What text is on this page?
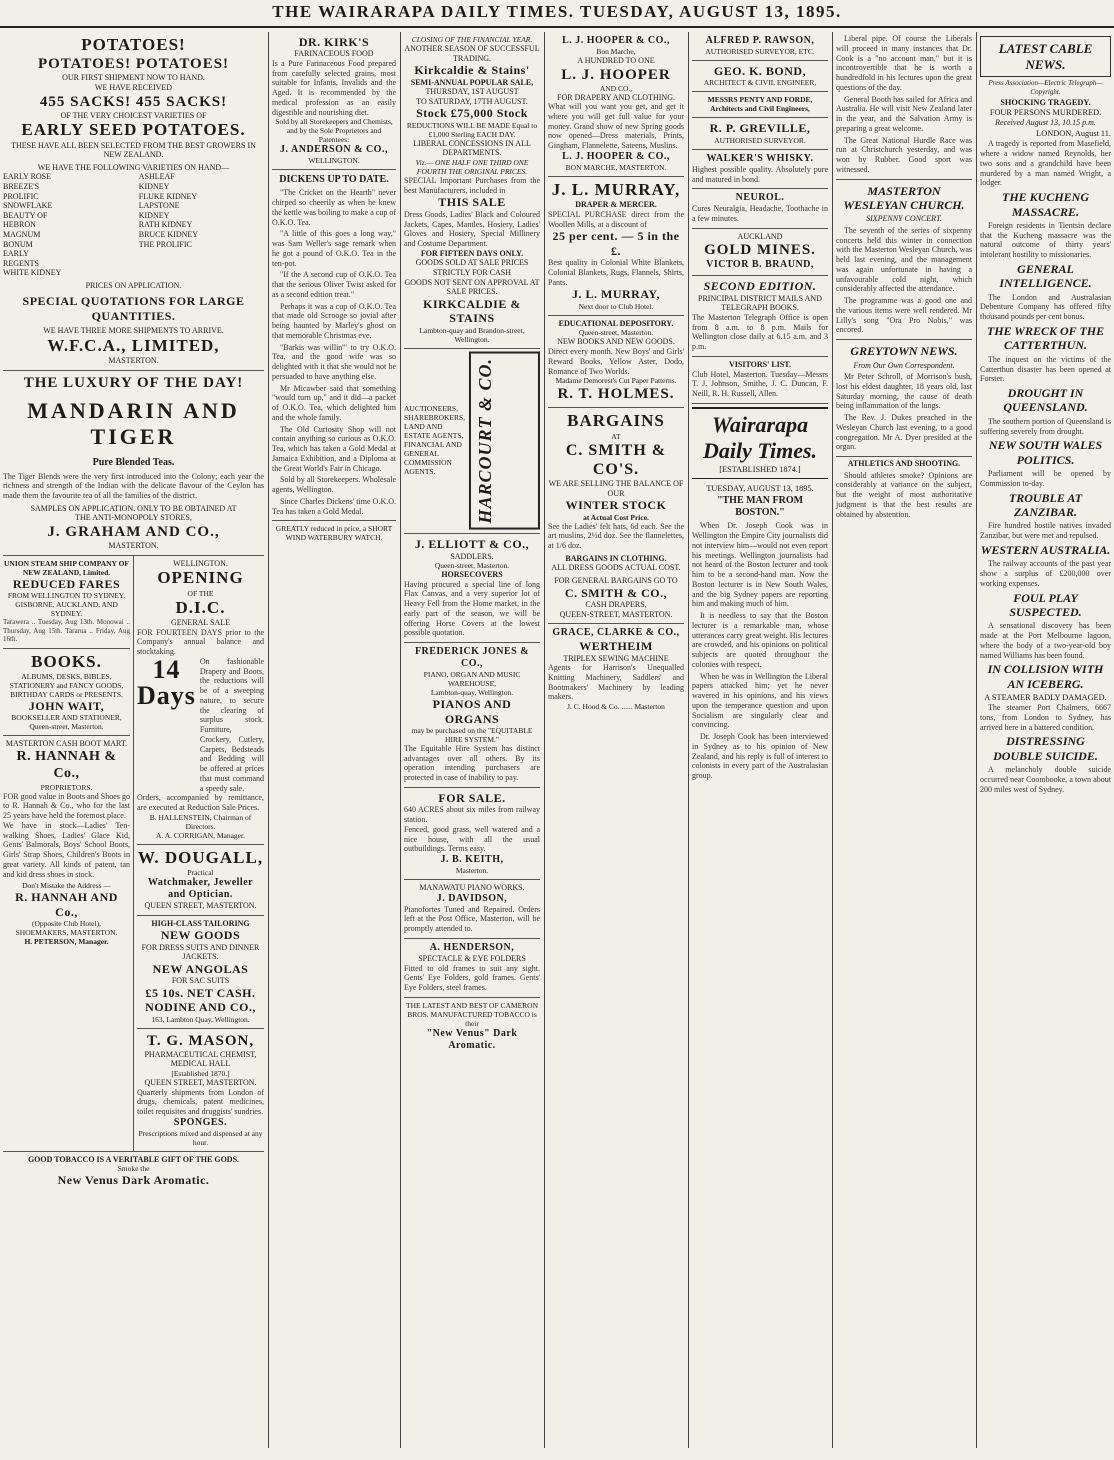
THE WAIRARAPA DAILY TIMES. TUESDAY, AUGUST 13, 1895.
POTATOES!
POTATOES! POTATOES!
OUR FIRST SHIPMENT NOW TO HAND.
WE HAVE RECEIVED
455 SACKS! 455 SACKS!
OF THE VERY CHOICEST VARIETIES OF
EARLY SEED POTATOES.
THESE HAVE ALL BEEN SELECTED FROM THE BEST GROWERS IN NEW ZEALAND.
WE HAVE THE FOLLOWING VARIETIES ON HAND—
EARLY ROSE
BREEZE'S PROLIFIC
SNOWFLAKE
BEAUTY OF HEBRON
MAGNUM BONUM
EARLY REGENTS
WHITE KIDNEY
ASHLEAF KIDNEY
FLUKE KIDNEY
LAPSTONE KIDNEY
RATH KIDNEY
BRUCE KIDNEY
THE PROLIFIC
PRICES ON APPLICATION.
SPECIAL QUOTATIONS FOR LARGE QUANTITIES.
WE HAVE THREE MORE SHIPMENTS TO ARRIVE.
W.F.C.A., LIMITED,
MASTERTON.
THE LUXURY OF THE DAY!
MANDARIN AND TIGER
Pure Blended Teas.
The Tiger Blends were the very first introduced into the Colony; each year the richness and strength of the Indian with the delicate flavour of the Ceylon has made them the favourite tea of all the families of the district.
SAMPLES ON APPLICATION. ONLY TO BE OBTAINED AT
THE ANTI-MONOPOLY STORES,
J. GRAHAM AND CO.,
MASTERTON.
UNION STEAM SHIP COMPANY OF NEW ZEALAND, Limited.
REDUCED FARES
FROM WELLINGTON TO SYDNEY, GISBORNE, AUCKLAND, AND SYDNEY.
Tarawera .. Tuesday, Aug 13th. Monowai .. Thursday, Aug 15th. Tararua .. Friday, Aug 16th.
BOOKS.
ALBUMS, DESKS, BIBLES, STATIONERY and FANCY GOODS, BIRTHDAY CARDS or PRESENTS.
JOHN WAIT,
BOOKSELLER AND STATIONER, Queen-street, Masterton.
MASTERTON CASH BOOT MART.
R. HANNAH & Co.,
PROPRIETORS.
FOR good value in Boots and Shoes go to R. Hannah & Co., who for the last 25 years have held the foremost place.
We have in stock—Ladies' Ten-walking Shoes, Ladies' Glace Kid, Gents' Balmorals, Boys' School Boots, Girls' Strap Shoes, Children's Boots in great variety. All kinds of patent, tan and kid dress shoes in stock.
Don't Mistake the Address —
R. HANNAH AND Co.,
(Opposite Club Hotel),
SHOEMAKERS, MASTERTON.
H. PETERSON, Manager.
WELLINGTON.
OPENING
OF THE
D.I.C.
GENERAL SALE
FOR FOURTEEN DAYS prior to the Company's annual balance and stocktaking.
14 Days
On fashionable Drapery and Boots, the reductions will be of a sweeping nature, to secure the clearing of surplus stock. Furniture, Crockery, Cutlery, Carpets, Bedsteads and Bedding will be offered at prices that must command a speedy sale.
Orders, accompanied by remittance, are executed at Reduction Sale Prices.
B. HALLENSTEIN, Chairman of Directors.
A. A. CORRIGAN, Manager.
W. DOUGALL,
Practical
Watchmaker, Jeweller
and Optician.
QUEEN STREET, MASTERTON.
HIGH-CLASS TAILORING
NEW GOODS
FOR DRESS SUITS AND DINNER JACKETS.
NEW ANGOLAS
FOR SAC SUITS
£5 10s. NET CASH.
NODINE AND CO.,
163, Lambton Quay, Wellington.
T. G. MASON,
PHARMACEUTICAL CHEMIST,
MEDICAL HALL
[Established 1870.]
QUEEN STREET, MASTERTON.
Quarterly shipments from London of drugs, chemicals, patent medicines, toilet requisites and druggists' sundries.
SPONGES.
Prescriptions mixed and dispensed at any hour.
GOOD TOBACCO IS A VERITABLE GIFT OF THE GODS.
Smoke the
New Venus Dark Aromatic.
DR. KIRK'S
FARINACEOUS FOOD
Is a Pure Farinaceous Food prepared from carefully selected grains, most suitable for Infants, Invalids and the Aged. It is recommended by the medical profession as an easily digestible and nourishing diet.
Sold by all Storekeepers and Chemists, and by the Sole Proprietors and Patentees:
J. ANDERSON & CO.,
WELLINGTON.
DICKENS UP TO DATE.

"The Cricket on the Hearth" never chirped so cheerily as when he knew the kettle was boiling to make a cup of O.K.O. Tea.

"A little of this goes a long way," was Sam Weller's sage remark when he got a pound of O.K.O. Tea in the ten-pot.

"If the A second cup of O.K.O. Tea that the serious Oliver Twist asked for as a second edition treat."

Perhaps it was a cup of O.K.O. Tea that made old Scrooge so jovial after being haunted by Marley's ghost on that memorable Christmas eve.

"Barkis was willin'" to try O.K.O. Tea, and the good wife was so delighted with it that she would not be persuaded to have anything else.

Mr Micawber said that something "would turn up," and it did—a packet of O.K.O. Tea, which delighted him and the whole family.

The Old Curiosity Shop will not contain anything so curious as O.K.O. Tea, which has taken a Gold Medal at Jamaica Exhibition, and a Diploma at the Great World's Fair in Chicago.

Sold by all Storekeepers. Wholesale agents, Wellington.

Since Charles Dickens' time O.K.O. Tea has taken a Gold Medal.

GREATLY reduced in price, a SHORT WIND WATERBURY WATCH.
CLOSING OF THE FINANCIAL YEAR.
ANOTHER SEASON OF SUCCESSFUL TRADING.
Kirkcaldie & Stains'
SEMI-ANNUAL POPULAR SALE,
THURSDAY, 1ST AUGUST
TO SATURDAY, 17TH AUGUST.
Stock £75,000 Stock
REDUCTIONS WILL BE MADE Equal to £1,000 Sterling EACH DAY.
LIBERAL CONCESSIONS IN ALL DEPARTMENTS.
Viz.— ONE HALF ONE THIRD ONE FOURTH THE ORIGINAL PRICES.
SPECIAL Important Purchases from the best Manufacturers, included in
THIS SALE
Dress Goods, Ladies' Black and Coloured Jackets, Capes, Mantles, Hosiery, Ladies' Gloves and Hosiery, Special Millinery and Costume Department.
FOR FIFTEEN DAYS ONLY.
GOODS SOLD AT SALE PRICES STRICTLY FOR CASH
GOODS NOT SENT ON APPROVAL AT SALE PRICES.
KIRKCALDIE & STAINS
Lambton-quay and Brandon-street, Wellington.
AUCTIONEERS, SHAREBROKERS, LAND AND ESTATE AGENTS, FINANCIAL AND GENERAL COMMISSION AGENTS.	HARCOURT & CO.
J. ELLIOTT & CO.,
SADDLERS.
Queen-street, Masterton.
HORSECOVERS
Having procured a special line of long Flax Canvas, and a very superior lot of Heavy Fell from the Home market, in the early part of the season, we will be offering Horse Covers at the lowest possible quotation.
FREDERICK JONES & CO.,
PIANO, ORGAN AND MUSIC WAREHOUSE,
Lambton-quay, Wellington.
PIANOS AND ORGANS
may be purchased on the "EQUITABLE HIRE SYSTEM."
The Equitable Hire System has distinct advantages over all others. By its operation intending purchasers are protected in case of inability to pay.
FOR SALE.
640 ACRES about six miles from railway station.
Fenced, good grass, well watered and a nice house, with all the usual outbuildings. Terms easy.
J. B. KEITH,
Masterton.
MANAWATU PIANO WORKS.
J. DAVIDSON,
Pianofortes Tuned and Repaired. Orders left at the Post Office, Masterton, will be promptly attended to.
A. HENDERSON,
SPECTACLE & EYE FOLDERS
Fitted to old frames to suit any sight. Gents' Eye Folders, gold frames. Gents' Eye Folders, steel frames.
THE LATEST AND BEST OF CAMERON BROS. MANUFACTURED TOBACCO is their
"New Venus" Dark Aromatic.
L. J. HOOPER & CO.,
Bon Marche,
A HUNDRED TO ONE
L. J. HOOPER
AND CO.,
FOR DRAPERY AND CLOTHING.
What will you want you get, and get it where you will get full value for your money. Grand show of new Spring goods now opened—Dress materials, Prints, Gingham, Flannelette, Sateens, Muslins.
L. J. HOOPER & CO.,
BON MARCHE, MASTERTON.
J. L. MURRAY,
DRAPER & MERCER.
SPECIAL PURCHASE direct from the Woollen Mills, at a discount of
25 per cent. — 5 in the £.
Best quality in Colonial White Blankets, Colonial Blankets, Rugs, Flannels, Shirts, Pants.
J. L. MURRAY,
Next door to Club Hotel.
EDUCATIONAL DEPOSITORY.
Queen-street, Masterton.
NEW BOOKS AND NEW GOODS.
Direct every month. New Boys' and Girls' Reward Books, Yellow Aster, Dodo, Romance of Two Worlds.
Madame Demorest's Cut Paper Patterns.
R. T. HOLMES.
BARGAINS
AT
C. SMITH & CO'S.
WE ARE SELLING THE BALANCE OF OUR
WINTER STOCK
at Actual Cost Price.
See the Ladies' felt hats, 6d each. See the art muslins, 2½d doz. See the flannelettes, at 1/6 doz.
BARGAINS IN CLOTHING.
ALL DRESS GOODS ACTUAL COST.
FOR GENERAL BARGAINS GO TO
C. SMITH & CO.,
CASH DRAPERS,
QUEEN-STREET, MASTERTON.
GRACE, CLARKE & CO.,
WERTHEIM
TRIPLEX SEWING MACHINE
Agents for Harrison's Unequalled Knitting Machinery, Saddlers' and Bootmakers' Machinery by leading makers.
J. C. Hood & Co. ...... Masterton
ALFRED P. RAWSON,
AUTHORISED SURVEYOR, ETC.
GEO. K. BOND,
ARCHITECT & CIVIL ENGINEER,
MESSRS PENTY AND FORDE, Architects and Civil Engineers,
R. P. GREVILLE,
AUTHORISED SURVEYOR.
WALKER'S WHISKY.
Highest possible quality. Absolutely pure and matured in bond.
NEUROL.
Cures Neuralgia, Headache, Toothache in a few minutes.
AUCKLAND
GOLD MINES.
VICTOR B. BRAUND,
SECOND EDITION.
PRINCIPAL DISTRICT MAILS AND TELEGRAPH BOOKS.
The Masterton Telegraph Office is open from 8 a.m. to 8 p.m. Mails for Wellington close daily at 6.15 a.m. and 3 p.m.
VISITORS' LIST.
Club Hotel, Masterton. Tuesday—Messrs T. J. Johnson, Smithe, J. C. Duncan, F. Neill, R. H. Russell, Allen.
Wairarapa Daily Times.
[ESTABLISHED 1874.]
TUESDAY, AUGUST 13, 1895.
"THE MAN FROM BOSTON."

When Dr. Joseph Cook was in Wellington the Empire City journalists did not interview him—would not even report his meetings. Wellington journalists had not heard of the Boston lecturer and took him to be a second-hand man. Now the Boston lecturer is in New South Wales, and the big Sydney papers are reporting him and making much of him.

It is needless to say that the Boston lecturer is a remarkable man, whose utterances carry great weight. His lectures are crowded, and his opinions on political subjects are quoted throughout the colonies with respect.

When he was in Wellington the Liberal papers attacked him; yet he never wavered in his opinions, and his views upon the temperance question and upon Socialism are singularly clear and convincing.

Dr. Joseph Cook has been interviewed in Sydney as to his opinion of New Zealand, and his reply is full of interest to colonists in every part of the Australasian group.

Liberal pipe. Of course the Liberals will proceed in many instances that Dr. Cook is a "no account man," but it is incontrovertible that he is worth a hundredfold in his lectures upon the great questions of the day.

General Booth has sailed for Africa and Australia. He will visit New Zealand later in the year, and the Salvation Army is preparing a great welcome.

The Great National Hurdle Race was run at Christchurch yesterday, and was won by Rubber. Good sport was witnessed.

MASTERTON WESLEYAN CHURCH.
SIXPENNY CONCERT.

The seventh of the series of sixpenny concerts held this winter in connection with the Masterton Wesleyan Church, was held last evening, and the management was again unfortunate in having a unfavourable cold night, which considerably affected the attendance.

The programme was a good one and the various items were well rendered. Mr Lilly's song "Ora Pro Nobis," was encored.

GREYTOWN NEWS.
From Our Own Correspondent.

Mr Peter Schroll, of Morrison's bush, lost his eldest daughter, 18 years old, last Saturday morning, the cause of death being inflammation of the lungs.

The Rev. J. Dukes preached in the Wesleyan Church last evening, to a good congregation. Mr A. Dyer presided at the organ.

ATHLETICS AND SHOOTING.

Should athletes smoke? Opinions are considerably at variance on the subject, but the weight of most authoritative judgment is that the best results are obtained by abstention.

LATEST CABLE NEWS.
Press Association—Electric Telegraph—Copyright.
SHOCKING TRAGEDY.
FOUR PERSONS MURDERED.
Received August 13, 10.15 p.m.
LONDON, August 11.

A tragedy is reported from Masefield, where a widow named Reynolds, her two sons and a grandchild have been murdered by a man named Wright, a lodger.

THE KUCHENG MASSACRE.

Foreign residents in Tientsin declare that the Kucheng massacre was the natural outcome of thirty years' intolerant hostility to missionaries.

GENERAL INTELLIGENCE.

The London and Australasian Debenture Company has offered fifty thousand pounds per cent bonus.

THE WRECK OF THE CATTERTHUN.

The inquest on the victims of the Catterthun disaster has been opened at Forster.

DROUGHT IN QUEENSLAND.

The southern portion of Queensland is suffering severely from drought.

NEW SOUTH WALES POLITICS.

Parliament will be opened by Commission to-day.

TROUBLE AT ZANZIBAR.

Fire hundred hostile natives invaded Zanzibar, but were met and repulsed.

WESTERN AUSTRALIA.

The railway accounts of the past year show a surplus of £200,000 over working expenses.

FOUL PLAY SUSPECTED.

A sensational discovery has been made at the Port Melbourne lagoon, where the body of a two-year-old boy named Williams has been found.

IN COLLISION WITH AN ICEBERG.
A STEAMER BADLY DAMAGED.

The steamer Port Chalmers, 6667 tons, from London to Sydney, has arrived here in a battered condition.

DISTRESSING DOUBLE SUICIDE.

A melancholy double suicide occurred near Coombooke, a town about 200 miles west of Sydney.
